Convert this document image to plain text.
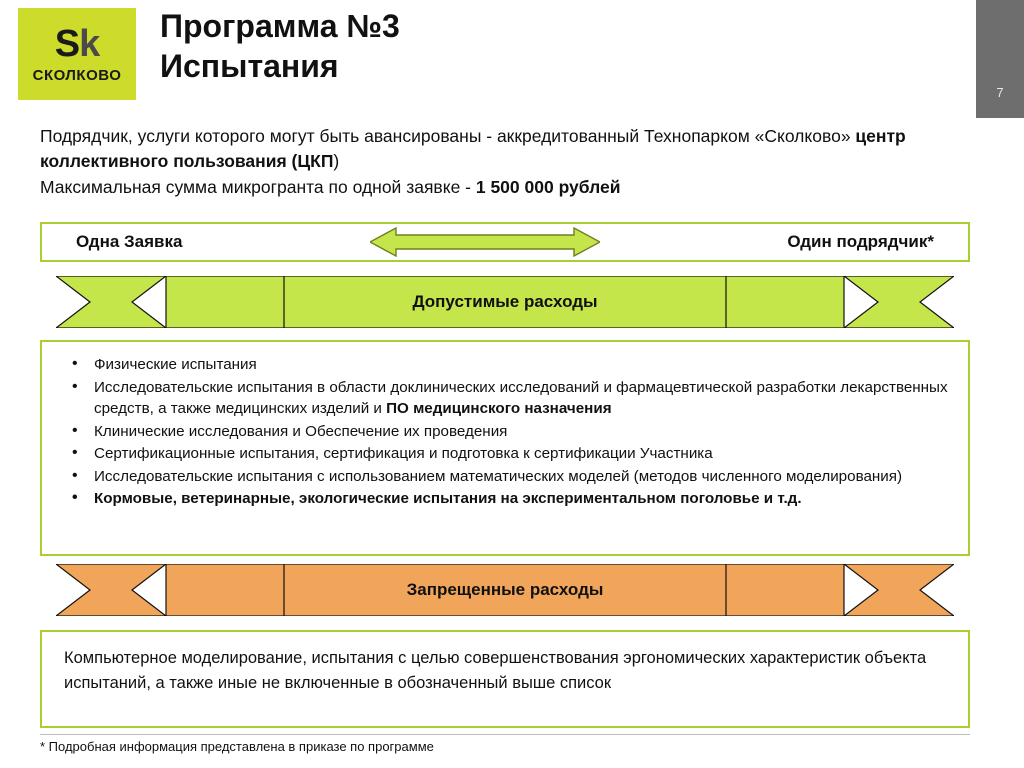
Sk
СКОЛКОВО
Программа №3
Испытания
7
Подрядчик, услуги которого могут быть авансированы - аккредитованный Технопарком «Сколково» центр коллективного пользования (ЦКП)
Максимальная сумма микрогранта по одной заявке - 1 500 000 рублей
Одна Заявка	Один подрядчик*
Допустимые расходы
• Физические испытания
• Исследовательские испытания в области доклинических исследований и фармацевтической разработки лекарственных средств, а также медицинских изделий и ПО медицинского назначения
• Клинические исследования и Обеспечение их проведения
• Сертификационные испытания, сертификация и подготовка к сертификации Участника
• Исследовательские испытания с использованием математических моделей (методов численного моделирования)
• Кормовые, ветеринарные, экологические испытания на экспериментальном поголовье и т.д.
Запрещенные расходы
Компьютерное моделирование, испытания с целью совершенствования эргономических характеристик объекта испытаний, а также иные не включенные в обозначенный выше список
* Подробная информация представлена в приказе по программе
